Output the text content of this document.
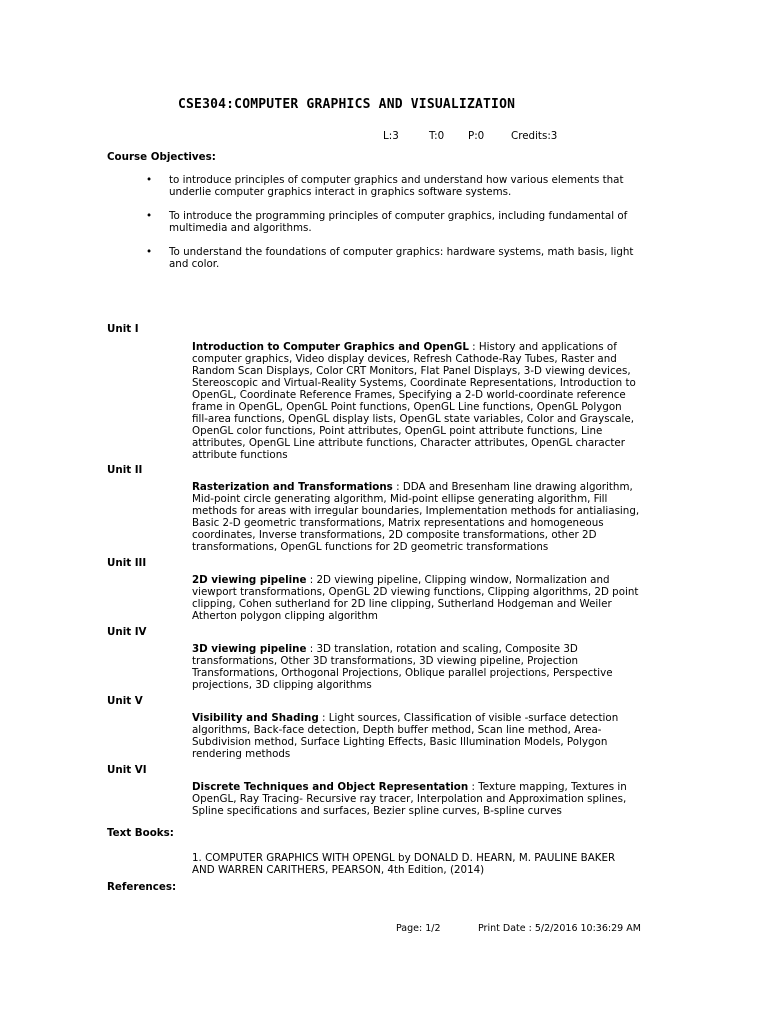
CSE304:COMPUTER GRAPHICS AND VISUALIZATION
L:3	T:0 P:0	Credits:3
Course Objectives:
• to introduce principles of computer graphics and understand how various elements that underlie computer graphics interact in graphics software systems.
• To introduce the programming principles of computer graphics, including fundamental of multimedia and algorithms.
• To understand the foundations of computer graphics: hardware systems, math basis, light and color.
Unit I
Introduction to Computer Graphics and OpenGL : History and applications of computer graphics, Video display devices, Refresh Cathode-Ray Tubes, Raster and Random Scan Displays, Color CRT Monitors, Flat Panel Displays, 3-D viewing devices, Stereoscopic and Virtual-Reality Systems, Coordinate Representations, Introduction to OpenGL, Coordinate Reference Frames, Specifying a 2-D world-coordinate reference frame in OpenGL, OpenGL Point functions, OpenGL Line functions, OpenGL Polygon fill-area functions, OpenGL display lists, OpenGL state variables, Color and Grayscale, OpenGL color functions, Point attributes, OpenGL point attribute functions, Line attributes, OpenGL Line attribute functions, Character attributes, OpenGL character attribute functions
Unit II
Rasterization and Transformations : DDA and Bresenham line drawing algorithm, Mid-point circle generating algorithm, Mid-point ellipse generating algorithm, Fill methods for areas with irregular boundaries, Implementation methods for antialiasing, Basic 2-D geometric transformations, Matrix representations and homogeneous coordinates, Inverse transformations, 2D composite transformations, other 2D transformations, OpenGL functions for 2D geometric transformations
Unit III
2D viewing pipeline : 2D viewing pipeline, Clipping window, Normalization and viewport transformations, OpenGL 2D viewing functions, Clipping algorithms, 2D point clipping, Cohen sutherland for 2D line clipping, Sutherland Hodgeman and Weiler Atherton polygon clipping algorithm
Unit IV
3D viewing pipeline : 3D translation, rotation and scaling, Composite 3D transformations, Other 3D transformations, 3D viewing pipeline, Projection Transformations, Orthogonal Projections, Oblique parallel projections, Perspective projections, 3D clipping algorithms
Unit V
Visibility and Shading : Light sources, Classification of visible -surface detection algorithms, Back-face detection, Depth buffer method, Scan line method, Area-Subdivision method, Surface Lighting Effects, Basic Illumination Models, Polygon rendering methods
Unit VI
Discrete Techniques and Object Representation : Texture mapping, Textures in OpenGL, Ray Tracing- Recursive ray tracer, Interpolation and Approximation splines, Spline specifications and surfaces, Bezier spline curves, B-spline curves
Text Books:
1. COMPUTER GRAPHICS WITH OPENGL by DONALD D. HEARN, M. PAULINE BAKER AND WARREN CARITHERS, PEARSON, 4th Edition, (2014)
References:
Page: 1/2	Print Date : 5/2/2016 10:36:29 AM
